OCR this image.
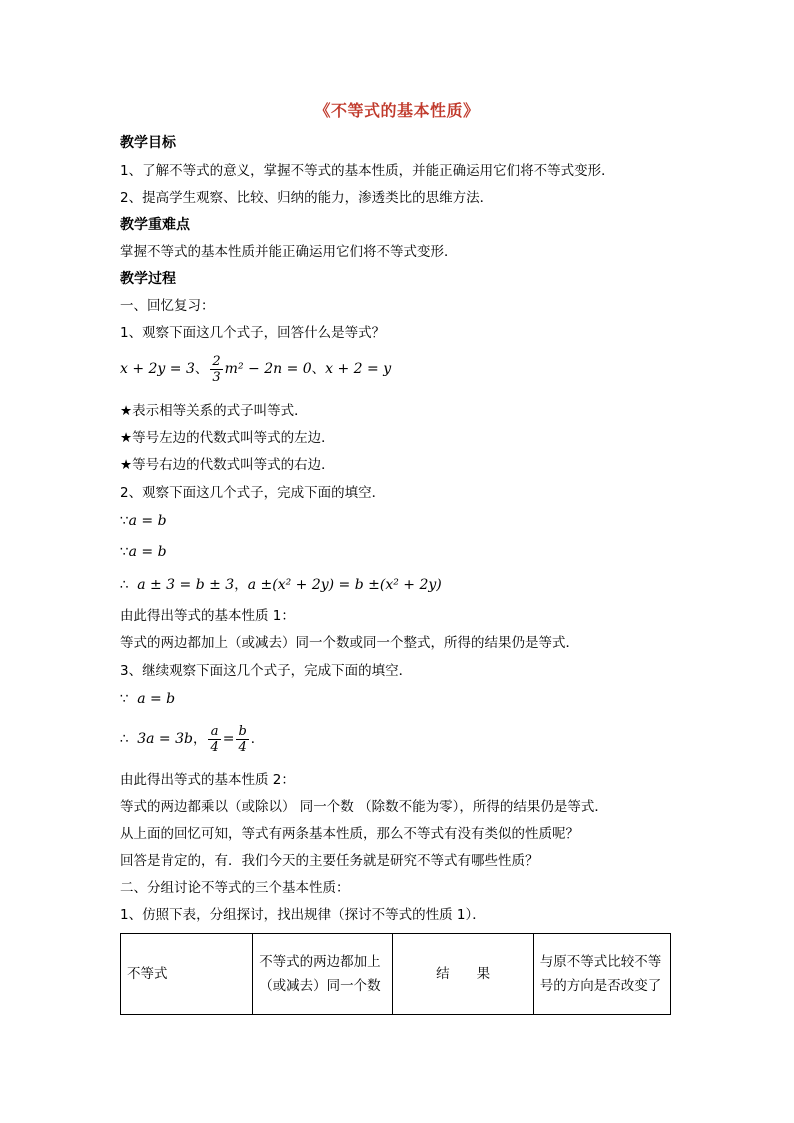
《不等式的基本性质》
教学目标
1、了解不等式的意义，掌握不等式的基本性质，并能正确运用它们将不等式变形．
2、提高学生观察、比较、归纳的能力，渗透类比的思维方法．
教学重难点
掌握不等式的基本性质并能正确运用它们将不等式变形．
教学过程
一、回忆复习：
1、观察下面这几个式子，回答什么是等式？
x + 2y = 3、 $\frac{2}{3} m^2 - 2n = 0$、x + 2 = y
★表示相等关系的式子叫等式．
★等号左边的代数式叫等式的左边．
★等号右边的代数式叫等式的右边．
2、观察下面这几个式子，完成下面的填空．
∵a = b
∵a = b
∴ a ± 3 = b ± 3，a ±(x² + 2y) = b ±(x² + 2y)
由此得出等式的基本性质 1：
等式的两边都加上（或减去）同一个数或同一个整式，所得的结果仍是等式．
3、继续观察下面这几个式子，完成下面的填空．
∵ a = b
∴ 3a = 3b， $\frac{a}{4} = \frac{b}{4}$ ．
由此得出等式的基本性质 2：
等式的两边都乘以（或除以） 同一个数 （除数不能为零），所得的结果仍是等式．
从上面的回忆可知，等式有两条基本性质，那么不等式有没有类似的性质呢？
回答是肯定的，有．我们今天的主要任务就是研究不等式有哪些性质？
二、分组讨论不等式的三个基本性质：
1、仿照下表，分组探讨，找出规律（探讨不等式的性质 1）．
不等式	不等式的两边都加上（或减去）同一个数	结　　果	与原不等式比较不等号的方向是否改变了
